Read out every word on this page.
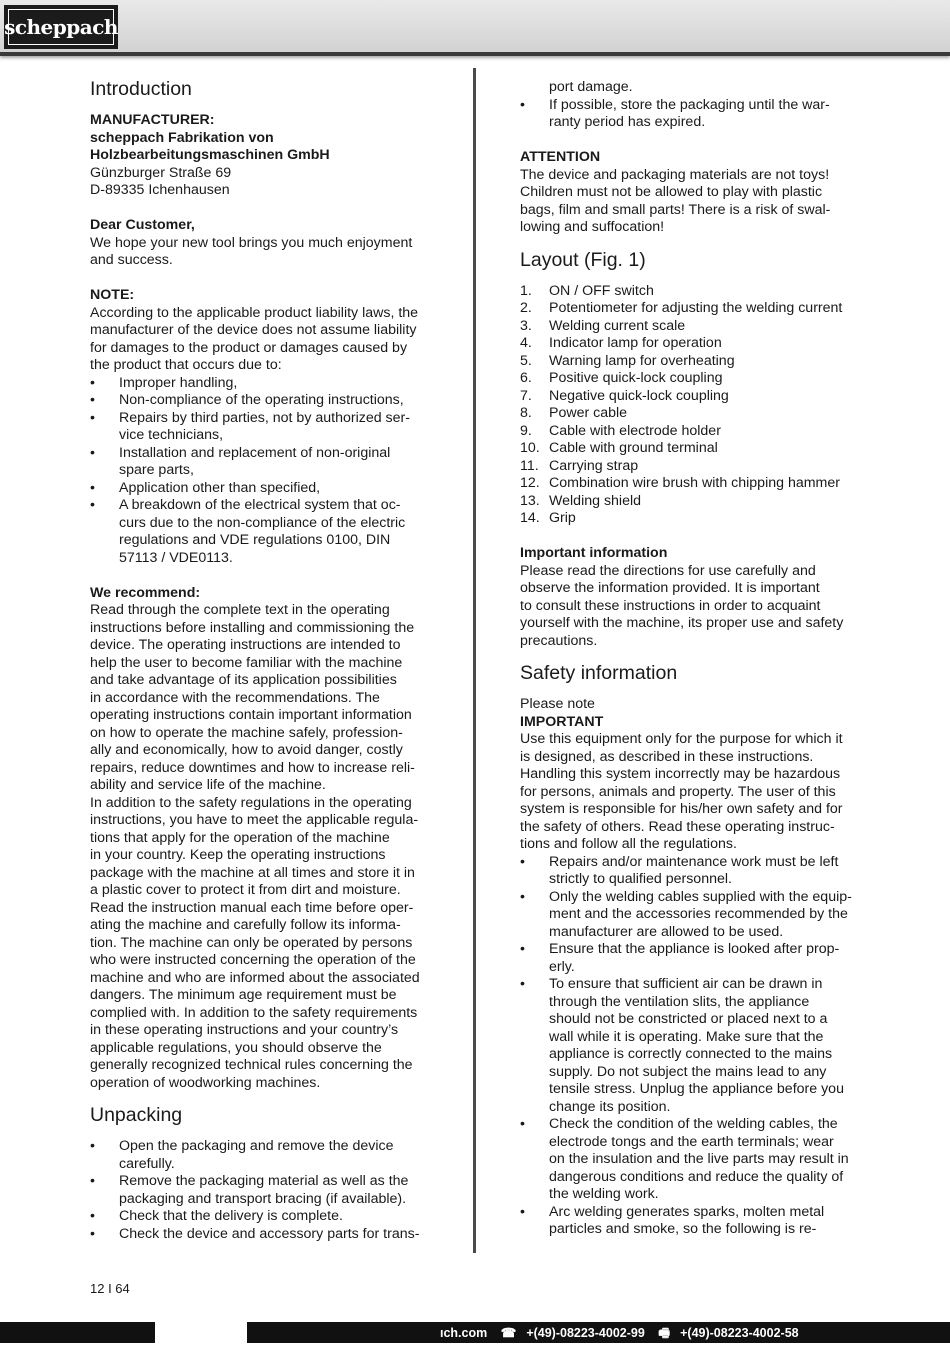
scheppach
Introduction

MANUFACTURER:

scheppach Fabrikation von
Holzbearbeitungsmaschinen GmbH

Günzburger Straße 69
D-89335 Ichenhausen

Dear Customer,

We hope your new tool brings you much enjoyment
and success.

NOTE:

According to the applicable product liability laws, the
manufacturer of the device does not assume liability
for damages to the product or damages caused by
the product that occurs due to:

• Improper handling,
• Non-compliance of the operating instructions,
• Repairs by third parties, not by authorized ser-
vice technicians,
• Installation and replacement of non-original
spare parts,
• Application other than specified,
• A breakdown of the electrical system that oc-
curs due to the non-compliance of the electric
regulations and VDE regulations 0100, DIN
57113 / VDE0113.

We recommend:

Read through the complete text in the operating
instructions before installing and commissioning the
device. The operating instructions are intended to
help the user to become familiar with the machine
and take advantage of its application possibilities
in accordance with the recommendations. The
operating instructions contain important information
on how to operate the machine safely, profession-
ally and economically, how to avoid danger, costly
repairs, reduce downtimes and how to increase reli-
ability and service life of the machine.
In addition to the safety regulations in the operating
instructions, you have to meet the applicable regula-
tions that apply for the operation of the machine
in your country. Keep the operating instructions
package with the machine at all times and store it in
a plastic cover to protect it from dirt and moisture.
Read the instruction manual each time before oper-
ating the machine and carefully follow its informa-
tion. The machine can only be operated by persons
who were instructed concerning the operation of the
machine and who are informed about the associated
dangers. The minimum age requirement must be
complied with. In addition to the safety requirements
in these operating instructions and your country’s
applicable regulations, you should observe the
generally recognized technical rules concerning the
operation of woodworking machines.

Unpacking
• Open the packaging and remove the device
carefully.
• Remove the packaging material as well as the
packaging and transport bracing (if available).
• Check that the delivery is complete.
• Check the device and accessory parts for trans-

port damage.

• If possible, store the packaging until the war-
ranty period has expired.

ATTENTION

The device and packaging materials are not toys!
Children must not be allowed to play with plastic
bags, film and small parts! There is a risk of swal-
lowing and suffocation!

Layout (Fig. 1)
1. ON / OFF switch
2. Potentiometer for adjusting the welding current
3. Welding current scale
4. Indicator lamp for operation
5. Warning lamp for overheating
6. Positive quick-lock coupling
7. Negative quick-lock coupling
8. Power cable
9. Cable with electrode holder
10. Cable with ground terminal
11. Carrying strap
12. Combination wire brush with chipping hammer
13. Welding shield
14. Grip

Important information

Please read the directions for use carefully and
observe the information provided. It is important
to consult these instructions in order to acquaint
yourself with the machine, its proper use and safety
precautions.

Safety information

Please note

IMPORTANT

Use this equipment only for the purpose for which it
is designed, as described in these instructions.
Handling this system incorrectly may be hazardous
for persons, animals and property. The user of this
system is responsible for his/her own safety and for
the safety of others. Read these operating instruc-
tions and follow all the regulations.

• Repairs and/or maintenance work must be left
strictly to qualified personnel.
• Only the welding cables supplied with the equip-
ment and the accessories recommended by the
manufacturer are allowed to be used.
• Ensure that the appliance is looked after prop-
erly.
• To ensure that sufficient air can be drawn in
through the ventilation slits, the appliance
should not be constricted or placed next to a
wall while it is operating. Make sure that the
appliance is correctly connected to the mains
supply. Do not subject the mains lead to any
tensile stress. Unplug the appliance before you
change its position.
• Check the condition of the welding cables, the
electrode tongs and the earth terminals; wear
on the insulation and the live parts may result in
dangerous conditions and reduce the quality of
the welding work.
• Arc welding generates sparks, molten metal
particles and smoke, so the following is re-
12 I 64
ıch.com ☎ +(49)-08223-4002-99 🖷 +(49)-08223-4002-58
